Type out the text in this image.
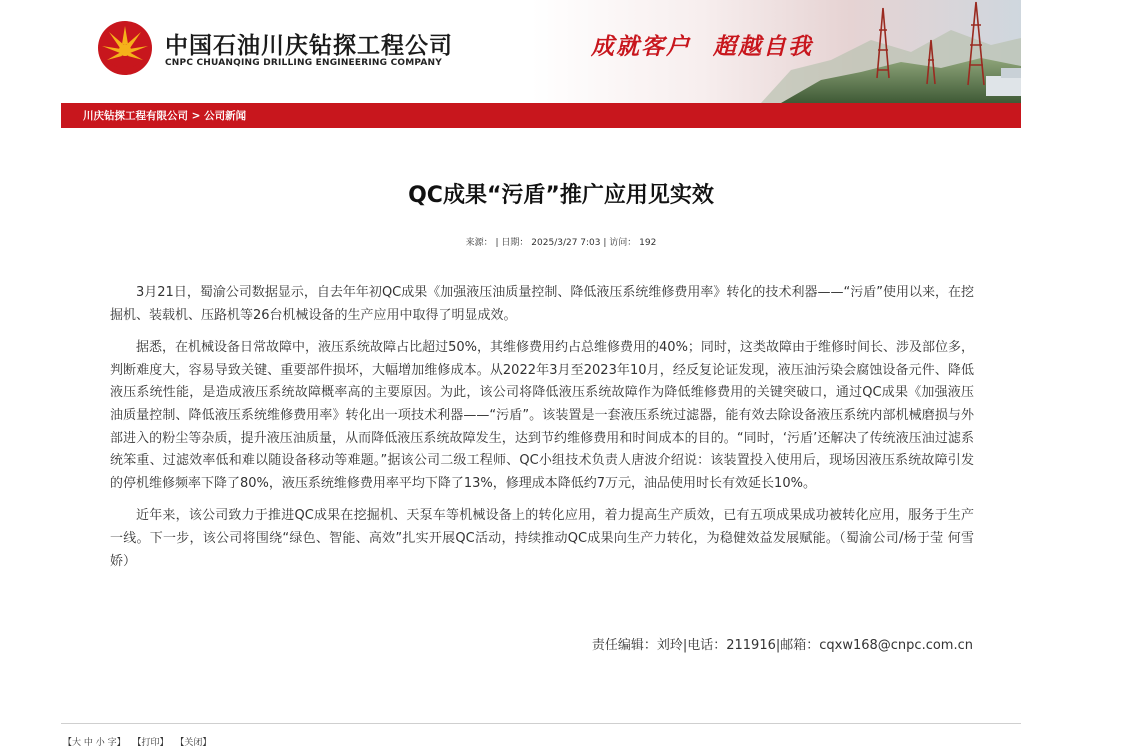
中国石油川庆钻探工程公司
CNPC CHUANQING DRILLING ENGINEERING COMPANY
成就客户 超越自我
川庆钻探工程有限公司 > 公司新闻
QC成果“污盾”推广应用见实效
来源： | 日期： 2025/3/27 7:03 | 访问： 192

3月21日，蜀渝公司数据显示，自去年年初QC成果《加强液压油质量控制、降低液压系统维修费用率》转化的技术利器——“污盾”使用以来，在挖掘机、装载机、压路机等26台机械设备的生产应用中取得了明显成效。

据悉，在机械设备日常故障中，液压系统故障占比超过50%，其维修费用约占总维修费用的40%；同时，这类故障由于维修时间长、涉及部位多，判断难度大，容易导致关键、重要部件损坏，大幅增加维修成本。从2022年3月至2023年10月，经反复论证发现，液压油污染会腐蚀设备元件、降低液压系统性能，是造成液压系统故障概率高的主要原因。为此，该公司将降低液压系统故障作为降低维修费用的关键突破口，通过QC成果《加强液压油质量控制、降低液压系统维修费用率》转化出一项技术利器——“污盾”。该装置是一套液压系统过滤器，能有效去除设备液压系统内部机械磨损与外部进入的粉尘等杂质，提升液压油质量，从而降低液压系统故障发生，达到节约维修费用和时间成本的目的。“同时，‘污盾’还解决了传统液压油过滤系统笨重、过滤效率低和难以随设备移动等难题。”据该公司二级工程师、QC小组技术负责人唐波介绍说：该装置投入使用后，现场因液压系统故障引发的停机维修频率下降了80%，液压系统维修费用率平均下降了13%，修理成本降低约7万元，油品使用时长有效延长10%。

近年来，该公司致力于推进QC成果在挖掘机、天泵车等机械设备上的转化应用，着力提高生产质效，已有五项成果成功被转化应用，服务于生产一线。下一步，该公司将围绕“绿色、智能、高效”扎实开展QC活动，持续推动QC成果向生产力转化，为稳健效益发展赋能。（蜀渝公司/杨于莹 何雪娇）

责任编辑：刘玲|电话：211916|邮箱：cqxw168@cnpc.com.cn
【大 中 小 字】 【打印】 【关闭】
